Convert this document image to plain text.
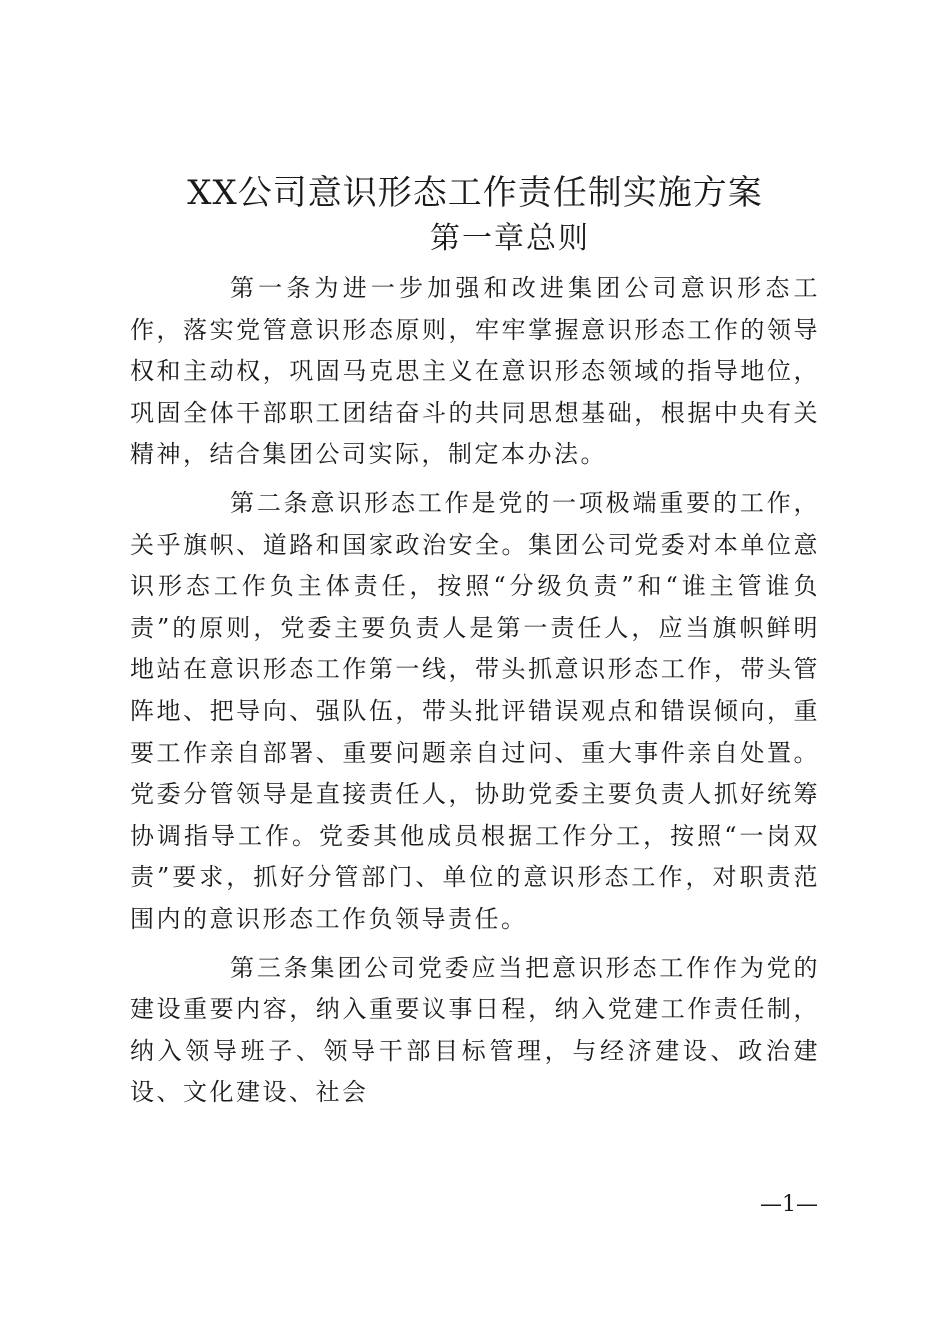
XX公司意识形态工作责任制实施方案
第一章总则

第一条为进一步加强和改进集团公司意识形态工作，落实党管意识形态原则，牢牢掌握意识形态工作的领导权和主动权，巩固马克思主义在意识形态领域的指导地位，巩固全体干部职工团结奋斗的共同思想基础，根据中央有关精神，结合集团公司实际，制定本办法。

第二条意识形态工作是党的一项极端重要的工作，关乎旗帜、道路和国家政治安全。集团公司党委对本单位意识形态工作负主体责任，按照“分级负责”和“谁主管谁负责”的原则，党委主要负责人是第一责任人，应当旗帜鲜明地站在意识形态工作第一线，带头抓意识形态工作，带头管阵地、把导向、强队伍，带头批评错误观点和错误倾向，重要工作亲自部署、重要问题亲自过问、重大事件亲自处置。党委分管领导是直接责任人，协助党委主要负责人抓好统筹协调指导工作。党委其他成员根据工作分工，按照“一岗双责”要求，抓好分管部门、单位的意识形态工作，对职责范围内的意识形态工作负领导责任。

第三条集团公司党委应当把意识形态工作作为党的建设重要内容，纳入重要议事日程，纳入党建工作责任制，纳入领导班子、领导干部目标管理，与经济建设、政治建设、文化建设、社会

—1—
